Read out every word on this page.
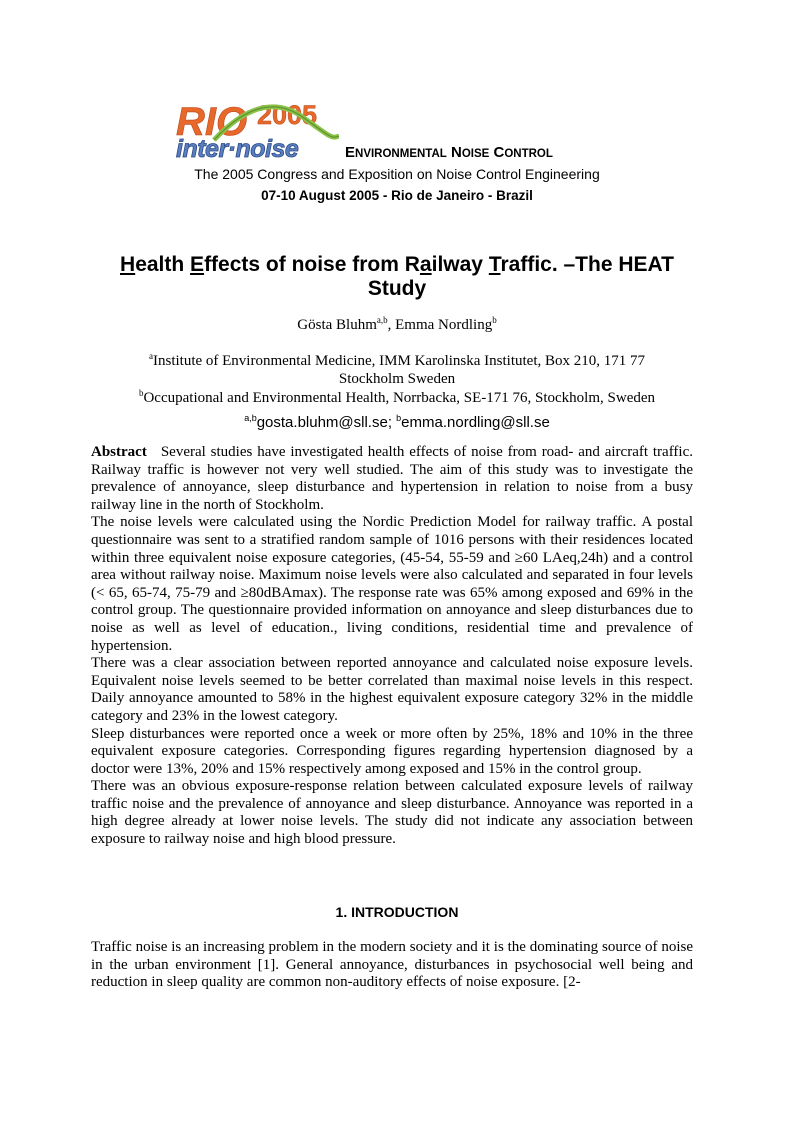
RIO 2005
inter·noise	ENVIRONMENTAL NOISE CONTROL
The 2005 Congress and Exposition on Noise Control Engineering
07-10 August 2005 - Rio de Janeiro - Brazil
Health Effects of noise from Railway Traffic. –The HEAT
Study
Gösta Bluhm$^{a,b}$, Emma Nordling$^b$
$^a$Institute of Environmental Medicine, IMM Karolinska Institutet, Box 210, 171 77
Stockholm Sweden
$^b$Occupational and Environmental Health, Norrbacka, SE-171 76, Stockholm, Sweden
$^{a,b}$gosta.bluhm@sll.se; $^b$emma.nordling@sll.se

Abstract Several studies have investigated health effects of noise from road- and aircraft traffic. Railway traffic is however not very well studied. The aim of this study was to investigate the prevalence of annoyance, sleep disturbance and hypertension in relation to noise from a busy railway line in the north of Stockholm.

The noise levels were calculated using the Nordic Prediction Model for railway traffic. A postal questionnaire was sent to a stratified random sample of 1016 persons with their residences located within three equivalent noise exposure categories, (45-54, 55-59 and ≥60 LAeq,24h) and a control area without railway noise. Maximum noise levels were also calculated and separated in four levels (< 65, 65-74, 75-79 and ≥80dBAmax). The response rate was 65% among exposed and 69% in the control group. The questionnaire provided information on annoyance and sleep disturbances due to noise as well as level of education., living conditions, residential time and prevalence of hypertension.

There was a clear association between reported annoyance and calculated noise exposure levels. Equivalent noise levels seemed to be better correlated than maximal noise levels in this respect. Daily annoyance amounted to 58% in the highest equivalent exposure category 32% in the middle category and 23% in the lowest category.

Sleep disturbances were reported once a week or more often by 25%, 18% and 10% in the three equivalent exposure categories. Corresponding figures regarding hypertension diagnosed by a doctor were 13%, 20% and 15% respectively among exposed and 15% in the control group.

There was an obvious exposure-response relation between calculated exposure levels of railway traffic noise and the prevalence of annoyance and sleep disturbance. Annoyance was reported in a high degree already at lower noise levels. The study did not indicate any association between exposure to railway noise and high blood pressure.

1. INTRODUCTION

Traffic noise is an increasing problem in the modern society and it is the dominating source of noise in the urban environment [1]. General annoyance, disturbances in psychosocial well being and reduction in sleep quality are common non-auditory effects of noise exposure. [2-
